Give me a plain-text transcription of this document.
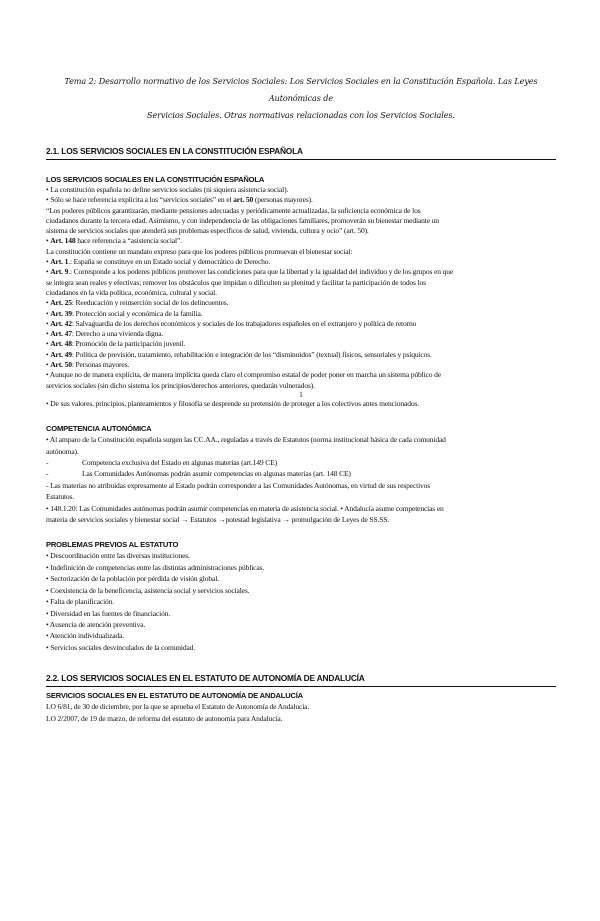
Tema 2: Desarrollo normativo de los Servicios Sociales: Los Servicios Sociales en la Constitución Española. Las Leyes Autonómicas de
Servicios Sociales. Otras normativas relacionadas con los Servicios Sociales.
2.1. LOS SERVICIOS SOCIALES EN LA CONSTITUCIÓN ESPAÑOLA
LOS SERVICIOS SOCIALES EN LA CONSTITUCIÓN ESPAÑOLA
• La constitución española no define servicios sociales (ni siquiera asistencia social).
• Sólo se hace referencia explícita a los “servicios sociales” en el art. 50 (personas mayores).
“Los poderes públicos garantizarán, mediante pensiones adecuadas y periódicamente actualizadas, la suficiencia económica de los
ciudadanos durante la tercera edad. Asimismo, y con independencia de las obligaciones familiares, promoverán su bienestar mediante un
sistema de servicios sociales que atenderá sus problemas específicos de salud, vivienda, cultura y ocio” (art. 50).
• Art. 148 hace referencia a “asistencia social”.
La constitución contiene un mandato expreso para que los poderes públicos promuevan el bienestar social:
• Art. 1.: España se constituye en un Estado social y democrático de Derecho.
• Art. 9.: Corresponde a los poderes públicos promover las condiciones para que la libertad y la igualdad del individuo y de los grupos en que
se integra sean reales y efectivas; remover los obstáculos que impidan o dificulten su plenitud y facilitar la participación de todos los
ciudadanos en la vida política, económica, cultural y social.
• Art. 25: Reeducación y reinserción social de los delincuentes.
• Art. 39: Protección social y económica de la familia.
• Art. 42: Salvaguardia de los derechos económicos y sociales de los trabajadores españoles en el extranjero y política de retorno
• Art. 47: Derecho a una vivienda digna.
• Art. 48: Promoción de la participación juvenil.
• Art. 49: Política de previsión, tratamiento, rehabilitación e integración de los “disminuidos” (textual) físicos, sensoriales y psíquicos.
• Art. 50: Personas mayores.
• Aunque no de manera explícita, de manera implícita queda claro el compromiso estatal de poder poner en marcha un sistema público de
servicios sociales (sin dicho sistema los principios/derechos anteriores, quedarán vulnerados).
1
• De sus valores, principios, planteamientos y filosofía se desprende su pretensión de proteger a los colectivos antes mencionados.
COMPETENCIA AUTONÓMICA
• Al amparo de la Constitución española surgen las CC.AA., reguladas a través de Estatutos (norma institucional básica de cada comunidad
autónoma).
-	Competencia exclusiva del Estado en algunas materias (art.149 CE)
-	Las Comunidades Autónomas podrán asumir competencias en algunas materias (art. 148 CE)
- Las materias no atribuidas expresamente al Estado podrán corresponder a las Comunidades Autónomas, en virtud de sus respectivos
Estatutos.
• 148.1.20: Las Comunidades autónomas podrán asumir competencias en materia de asistencia social. • Andalucía asume competencias en
materia de servicios sociales y bienestar social → Estatutos →potestad legislativa → promulgación de Leyes de SS.SS.
PROBLEMAS PREVIOS AL ESTATUTO
• Descoordinación entre las diversas instituciones.
• Indefinición de competencias entre las distintas administraciones públicas.
• Sectorización de la población por pérdida de visión global.
• Coexistencia de la beneficencia, asistencia social y servicios sociales.
• Falta de planificación.
• Diversidad en las fuentes de financiación.
• Ausencia de atención preventiva.
• Atención individualizada.
• Servicios sociales desvinculados de la comunidad.
2.2. LOS SERVICIOS SOCIALES EN EL ESTATUTO DE AUTONOMÍA DE ANDALUCÍA
SERVICIOS SOCIALES EN EL ESTATUTO DE AUTONOMÍA DE ANDALUCÍA
LO 6/81, de 30 de diciembre, por la que se aprueba el Estatuto de Autonomía de Andalucía.
LO 2/2007, de 19 de marzo, de reforma del estatuto de autonomía para Andalucía.
